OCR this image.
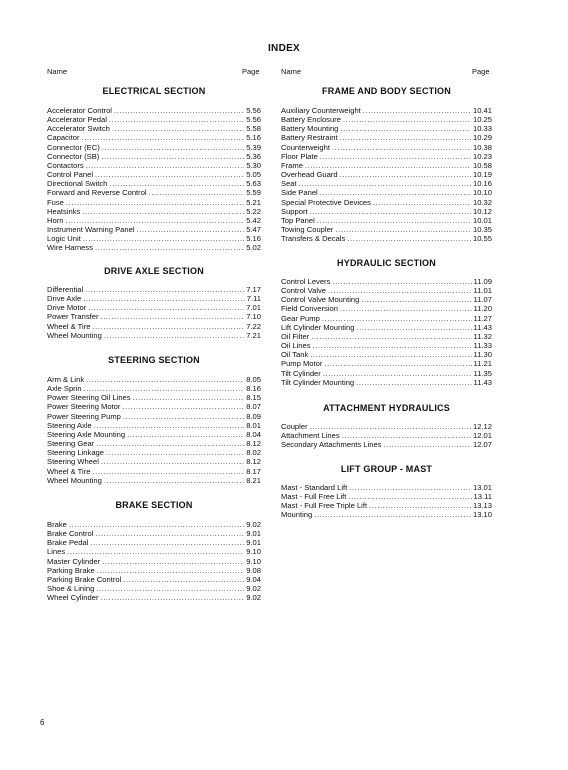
INDEX
Name	Page	Name	Page
ELECTRICAL SECTION
Accelerator Control .....	5.56
Accelerator Pedal .....	5.56
Accelerator Switch .....	5.58
Capacitor .....	5.16
Connector (EC) .....	5.39
Connector (SB) .....	5.36
Contactors .....	5.30
Control Panel .....	5.05
Directional Switch .....	5.63
Forward and Reverse Control .....	5.59
Fuse .....	5.21
Heatsinks .....	5.22
Horn .....	5.42
Instrument Warning Panel .....	5.47
Logic Unit .....	5.16
Wire Harness .....	5.02
DRIVE AXLE SECTION
Differential .....	7.17
Drive Axle .....	7.11
Drive Motor .....	7.01
Power Transfer .....	7.10
Wheel & Tire .....	7.22
Wheel Mounting .....	7.21
STEERING SECTION
Arm & Link .....	8.05
Axle Sprin .....	8.16
Power Steering Oil Lines .....	8.15
Power Steering Motor .....	8.07
Power Steering Pump .....	8.09
Steering Axle .....	8.01
Steering Axle Mounting .....	8.04
Steering Gear .....	8.12
Steering Linkage .....	8.02
Steering Wheel .....	8.12
Wheel & Tire .....	8.17
Wheel Mounting .....	8.21
BRAKE SECTION
Brake .....	9.02
Brake Control .....	9.01
Brake Pedal .....	9.01
Lines .....	9.10
Master Cylinder .....	9.10
Parking Brake .....	9.08
Parking Brake Control .....	9.04
Shoe & Lining .....	9.02
Wheel Cylinder .....	9.02
FRAME AND BODY SECTION
Auxiliary Counterweight .....	10.41
Battery Enclosure .....	10.25
Battery Mounting .....	10.33
Battery Restraint .....	10.29
Counterweight .....	10.38
Floor Plate .....	10.23
Frame .....	10.58
Overhead Guard .....	10.19
Seat .....	10.16
Side Panel .....	10.10
Special Protective Devices .....	10.32
Support .....	10.12
Top Panel .....	10.01
Towing Coupler .....	10.35
Transfers & Decals .....	10.55
HYDRAULIC SECTION
Control Levers .....	11.09
Control Valve .....	11.01
Control Valve Mounting .....	11.07
Field Conversion .....	11.20
Gear Pump .....	11.27
Lift Cylinder Mounting .....	11.43
Oil Filter .....	11.32
Oil Lines .....	11.33
Oil Tank .....	11.30
Pump Motor .....	11.21
Tilt Cylinder .....	11.35
Tilt Cylinder Mounting .....	11.43
ATTACHMENT HYDRAULICS
Coupler .....	12.12
Attachment Lines .....	12.01
Secondary Attachments Lines .....	12.07
LIFT GROUP - MAST
Mast - Standard Lift .....	13.01
Mast - Full Free Lift .....	13.11
Mast - Full Free Triple Lift .....	13.13
Mounting .....	13.10
6
